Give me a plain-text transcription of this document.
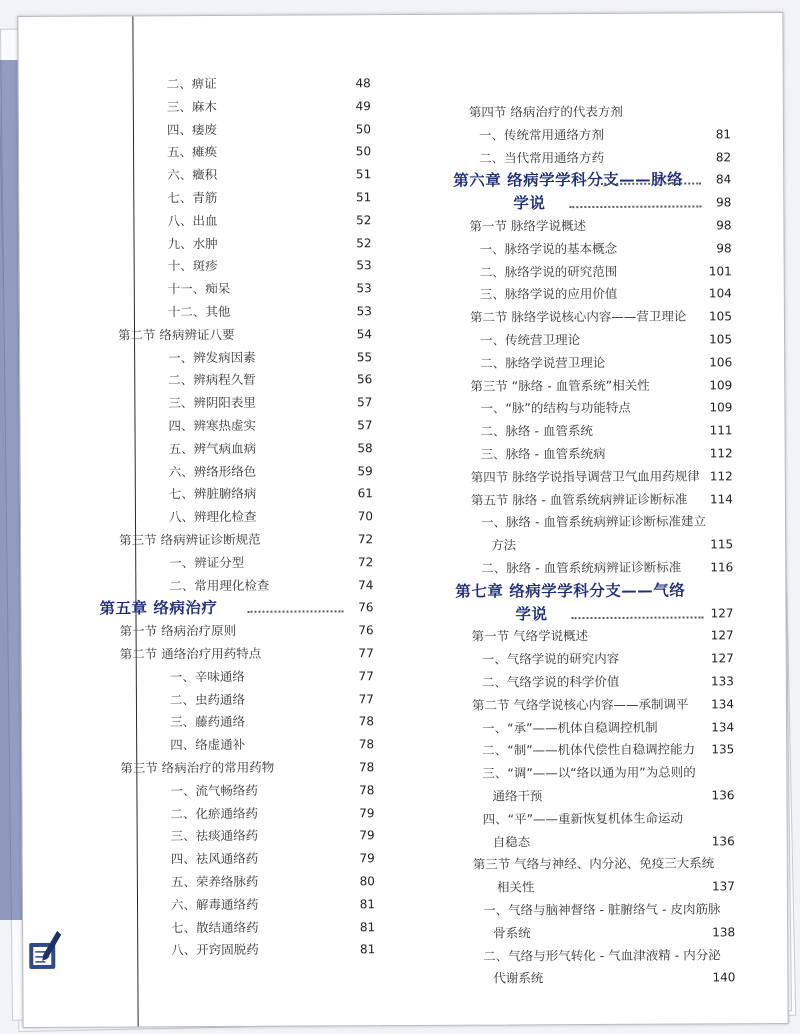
二、痹证	48
三、麻木	49
四、痿废	50
五、瘫痪	50
六、癥积	51
七、青筋	51
八、出血	52
九、水肿	52
十、斑疹	53
十一、痴呆	53
十二、其他	53
第二节 络病辨证八要	54
一、辨发病因素	55
二、辨病程久暂	56
三、辨阴阳表里	57
四、辨寒热虚实	57
五、辨气病血病	58
六、辨络形络色	59
七、辨脏腑络病	61
八、辨理化检查	70
第三节 络病辨证诊断规范	72
一、辨证分型	72
二、常用理化检查	74
第五章 络病治疗	76
第一节 络病治疗原则	76
第二节 通络治疗用药特点	77
一、辛味通络	77
二、虫药通络	77
三、藤药通络	78
四、络虚通补	78
第三节 络病治疗的常用药物	78
一、流气畅络药	78
二、化瘀通络药	79
三、祛痰通络药	79
四、祛风通络药	79
五、荣养络脉药	80
六、解毒通络药	81
七、散结通络药	81
八、开窍固脱药	81
第四节 络病治疗的代表方剂
一、传统常用通络方剂	81
二、当代常用通络方药	82
第六章 络病学学科分支——脉络	84
学说	98
第一节 脉络学说概述	98
一、脉络学说的基本概念	98
二、脉络学说的研究范围	101
三、脉络学说的应用价值	104
第二节 脉络学说核心内容——营卫理论 105
一、传统营卫理论	105
二、脉络学说营卫理论	106
第三节 “脉络 - 血管系统”相关性	109
一、“脉”的结构与功能特点	109
二、脉络 - 血管系统	111
三、脉络 - 血管系统病	112
第四节 脉络学说指导调营卫气血用药规律 112
第五节 脉络 - 血管系统病辨证诊断标准 114
一、脉络 - 血管系统病辨证诊断标准建立
方法	115
二、脉络 - 血管系统病辨证诊断标准 116
第七章 络病学学科分支——气络
学说	127
第一节 气络学说概述	127
一、气络学说的研究内容	127
二、气络学说的科学价值	133
第二节 气络学说核心内容——承制调平 134
一、“承”——机体自稳调控机制	134
二、“制”——机体代偿性自稳调控能力 135
三、“调”——以“络以通为用”为总则的
通络干预	136
四、“平”——重新恢复机体生命运动
自稳态	136
第三节 气络与神经、内分泌、免疫三大系统
相关性	137
一、气络与脑神督络 - 脏腑络气 - 皮肉筋脉
骨系统	138
二、气络与形气转化 - 气血津液精 - 内分泌
代谢系统	140
